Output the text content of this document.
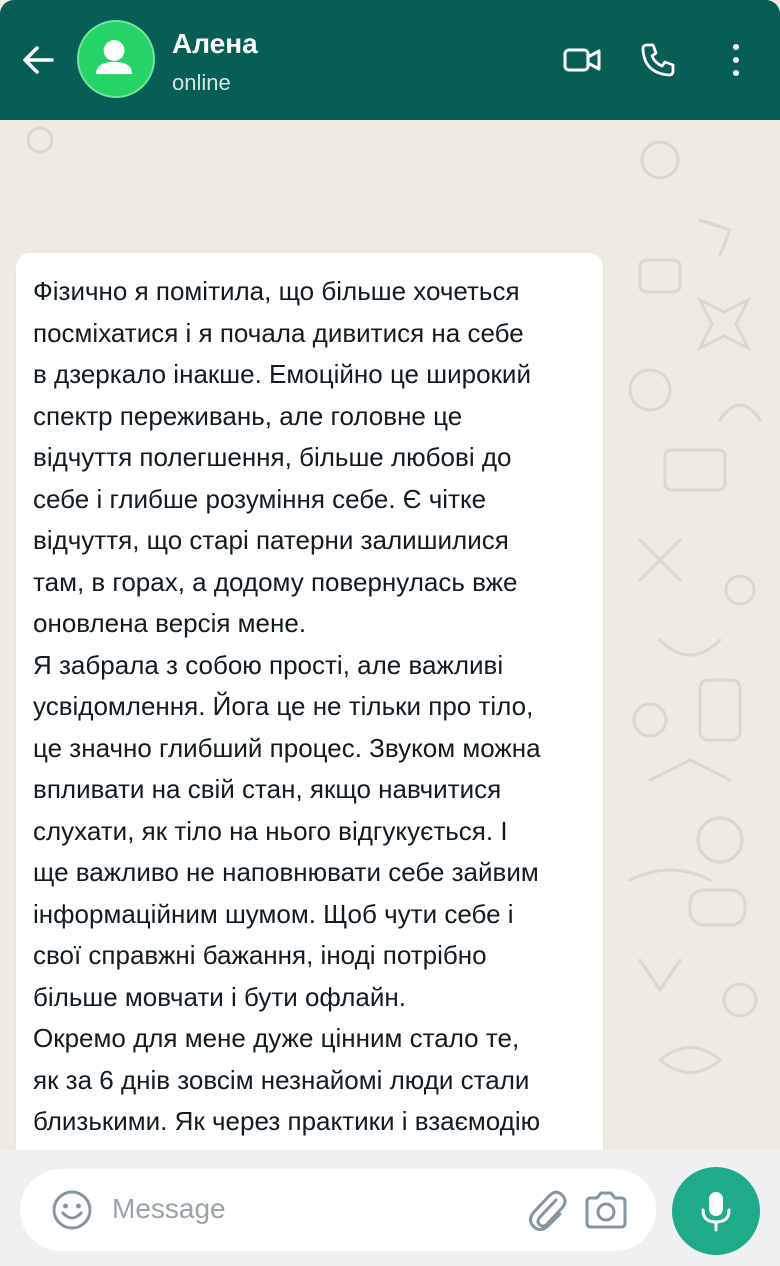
Алена
online

Фізично я помітила, що більше хочеться
посміхатися і я почала дивитися на себе
в дзеркало інакше. Емоційно це широкий
спектр переживань, але головне це
відчуття полегшення, більше любові до
себе і глибше розуміння себе. Є чітке
відчуття, що старі патерни залишилися
там, в горах, а додому повернулась вже
оновлена версія мене.
Я забрала з собою прості, але важливі
усвідомлення. Йога це не тільки про тіло,
це значно глибший процес. Звуком можна
впливати на свій стан, якщо навчитися
слухати, як тіло на нього відгукується. І
ще важливо не наповнювати себе зайвим
інформаційним шумом. Щоб чути себе і
свої справжні бажання, іноді потрібно
більше мовчати і бути офлайн.
Окремо для мене дуже цінним стало те,
як за 6 днів зовсім незнайомі люди стали
близькими. Як через практики і взаємодію

Message
